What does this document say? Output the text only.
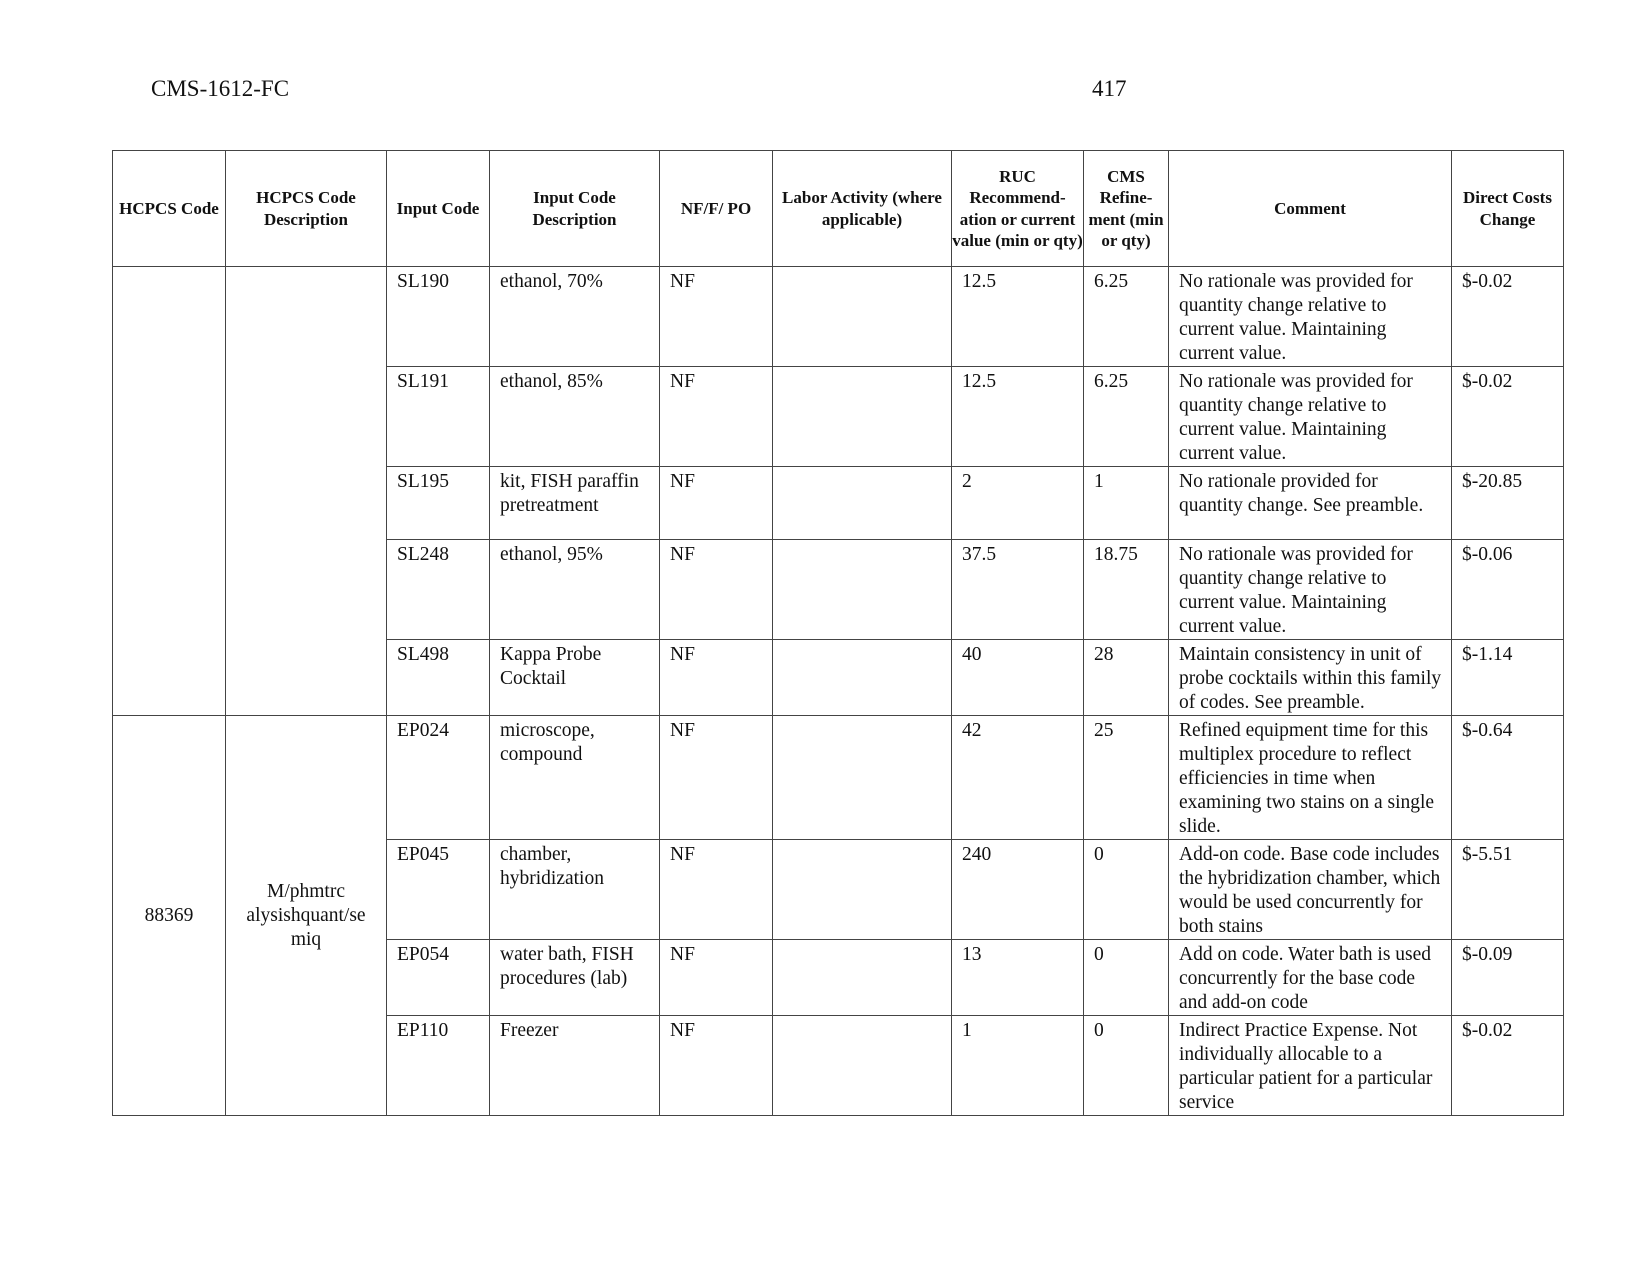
CMS-1612-FC	417
HCPCS Code	HCPCS Code Description	Input Code	Input Code Description	NF/F/ PO	Labor Activity (where applicable)	RUC Recommend-ation or current value (min or qty)	CMS Refine-ment (min or qty)	Comment	Direct Costs Change
		SL190	ethanol, 70%	NF		12.5	6.25	No rationale was provided for quantity change relative to current value. Maintaining current value.	$-0.02
		SL191	ethanol, 85%	NF		12.5	6.25	No rationale was provided for quantity change relative to current value. Maintaining current value.	$-0.02
		SL195	kit, FISH paraffin pretreatment	NF		2	1	No rationale provided for quantity change. See preamble.	$-20.85
		SL248	ethanol, 95%	NF		37.5	18.75	No rationale was provided for quantity change relative to current value. Maintaining current value.	$-0.06
		SL498	Kappa Probe Cocktail	NF		40	28	Maintain consistency in unit of probe cocktails within this family of codes. See preamble.	$-1.14
88369	M/phmtrc alysishquant/se miq	EP024	microscope, compound	NF		42	25	Refined equipment time for this multiplex procedure to reflect efficiencies in time when examining two stains on a single slide.	$-0.64
		EP045	chamber, hybridization	NF		240	0	Add-on code. Base code includes the hybridization chamber, which would be used concurrently for both stains	$-5.51
		EP054	water bath, FISH procedures (lab)	NF		13	0	Add on code. Water bath is used concurrently for the base code and add-on code	$-0.09
		EP110	Freezer	NF		1	0	Indirect Practice Expense. Not individually allocable to a particular patient for a particular service	$-0.02
